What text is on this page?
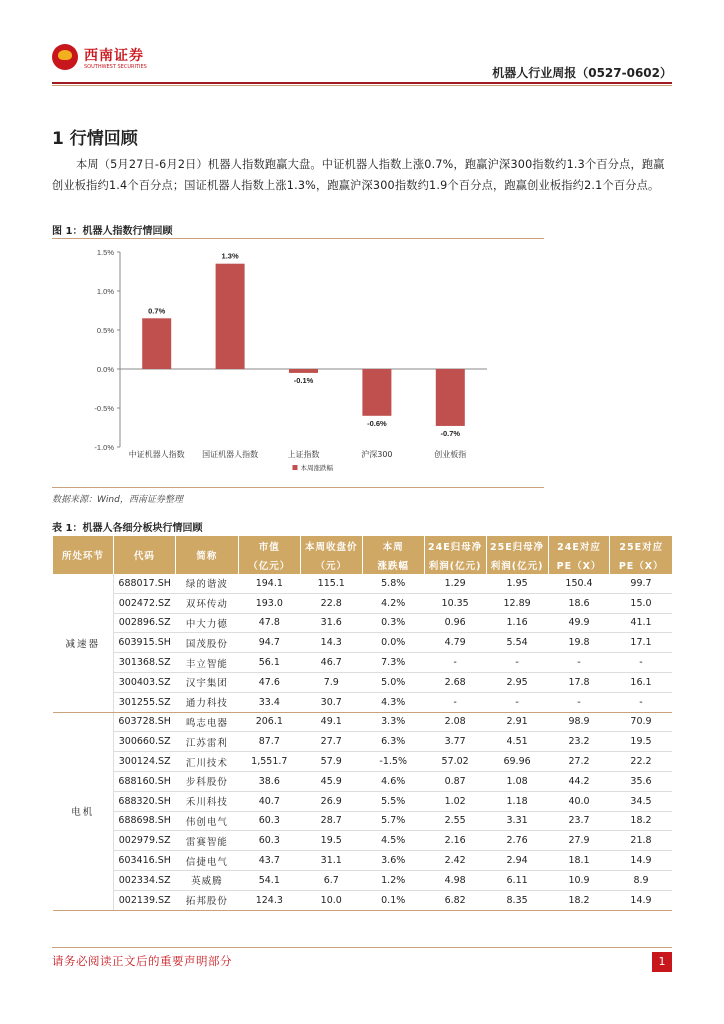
西南证券
SOUTHWEST SECURITIES	机器人行业周报（0527-0602）
1 行情回顾
本周（5月27日-6月2日）机器人指数跑赢大盘。中证机器人指数上涨0.7%，跑赢沪深300指数约1.3个百分点，跑赢创业板指约1.4个百分点；国证机器人指数上涨1.3%，跑赢沪深300指数约1.9个百分点，跑赢创业板指约2.1个百分点。
图 1：机器人指数行情回顾
1.5%
1.0%
0.5%
0.0%
-0.5%
-1.0%
0.7%
中证机器人指数
1.3%
国证机器人指数
-0.1%
上证指数
-0.6%
沪深300
-0.7%
创业板指
本周涨跌幅
数据来源：Wind，西南证券整理
表 1：机器人各细分板块行情回顾
所处环节	代码	简称	市值	本周收盘价	本周	24E归母净	25E归母净	24E对应	25E对应
			（亿元）	（元）	涨跌幅	利润(亿元)	利润(亿元)	PE（X）	PE（X）
减速器	688017.SH	绿的谐波	194.1	115.1	5.8%	1.29	1.95	150.4	99.7
	002472.SZ	双环传动	193.0	22.8	4.2%	10.35	12.89	18.6	15.0
	002896.SZ	中大力德	47.8	31.6	0.3%	0.96	1.16	49.9	41.1
	603915.SH	国茂股份	94.7	14.3	0.0%	4.79	5.54	19.8	17.1
	301368.SZ	丰立智能	56.1	46.7	7.3%	-	-	-	-
	300403.SZ	汉宇集团	47.6	7.9	5.0%	2.68	2.95	17.8	16.1
	301255.SZ	通力科技	33.4	30.7	4.3%	-	-	-	-
电机	603728.SH	鸣志电器	206.1	49.1	3.3%	2.08	2.91	98.9	70.9
	300660.SZ	江苏雷利	87.7	27.7	6.3%	3.77	4.51	23.2	19.5
	300124.SZ	汇川技术	1,551.7	57.9	-1.5%	57.02	69.96	27.2	22.2
	688160.SH	步科股份	38.6	45.9	4.6%	0.87	1.08	44.2	35.6
	688320.SH	禾川科技	40.7	26.9	5.5%	1.02	1.18	40.0	34.5
	688698.SH	伟创电气	60.3	28.7	5.7%	2.55	3.31	23.7	18.2
	002979.SZ	雷赛智能	60.3	19.5	4.5%	2.16	2.76	27.9	21.8
	603416.SH	信捷电气	43.7	31.1	3.6%	2.42	2.94	18.1	14.9
	002334.SZ	英威腾	54.1	6.7	1.2%	4.98	6.11	10.9	8.9
	002139.SZ	拓邦股份	124.3	10.0	0.1%	6.82	8.35	18.2	14.9
请务必阅读正文后的重要声明部分	1
